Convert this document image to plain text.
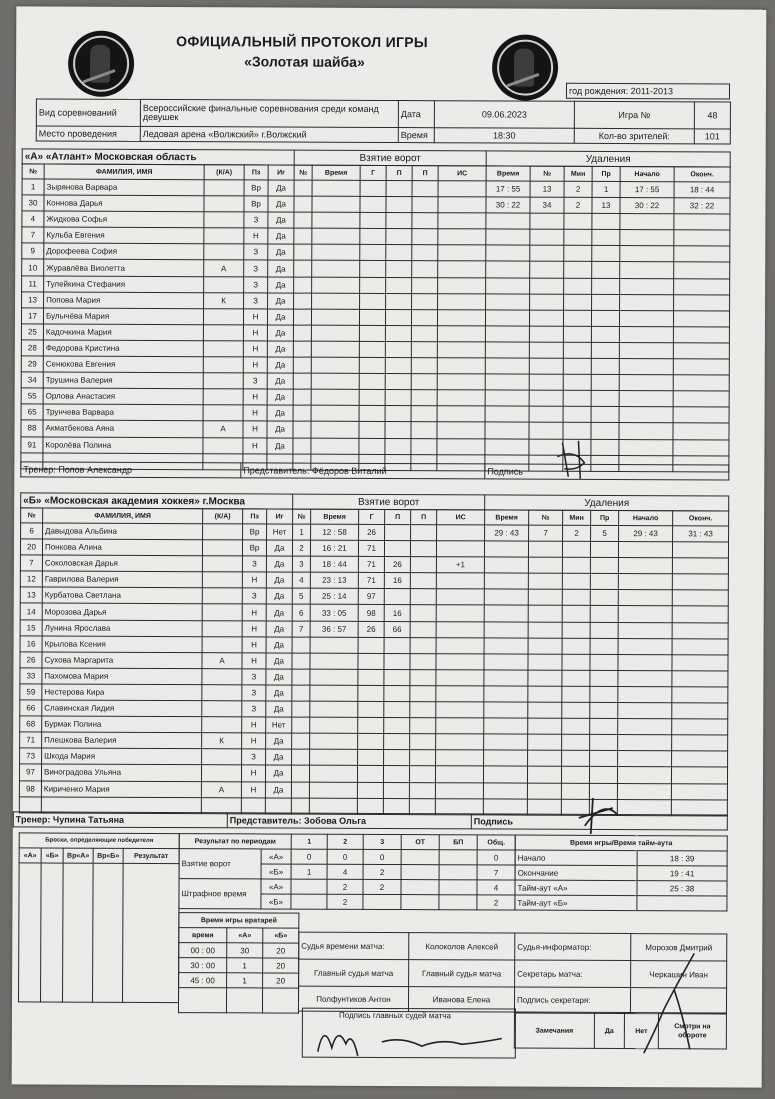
ОФИЦИАЛЬНЫЙ ПРОТОКОЛ ИГРЫ
«Золотая шайба»
год рождения: 2011-2013
Вид соревнований	Всероссийские финальные соревнования среди команд девушек	Дата	09.06.2023	Игра №	48
Место проведения	Ледовая арена «Волжский» г.Волжский	Время	18:30	Кол-во зрителей:	101
«А» «Атлант» Московская область	Взятие ворот	Удаления
№	ФАМИЛИЯ, ИМЯ	(К/А)	Пз	Иг	№	Время	Г	П	П	ИС	Время	№	Мин	Пр	Начало	Оконч.
1	Зырянова Варвара		Вр	Да							17 : 55	13	2	1	17 : 55	18 : 44
30	Коннова Дарья		Вр	Да							30 : 22	34	2	13	30 : 22	32 : 22
4	Жидкова Софья		З	Да												
7	Кульба Евгения		Н	Да												
9	Дорофеева София		З	Да												
10	Журавлёва Виолетта	А	З	Да												
11	Тулейкина Стефания		З	Да												
13	Попова Мария	К	З	Да												
17	Булычёва Мария		Н	Да												
25	Кадочкина Мария		Н	Да												
28	Федорова Кристина		Н	Да												
29	Сенюкова Евгения		Н	Да												
34	Трушина Валерия		З	Да												
55	Орлова Анастасия		Н	Да												
65	Трунчева Варвара		Н	Да												
88	Акматбекова Аяна	А	Н	Да												
91	Королёва Полина		Н	Да												

Тренер: Попов Александр	Представитель: Фёдоров Виталий	Подпись
«Б» «Московская академия хоккея» г.Москва	Взятие ворот	Удаления
№	ФАМИЛИЯ, ИМЯ	(К/А)	Пз	Иг	№	Время	Г	П	П	ИС	Время	№	Мин	Пр	Начало	Оконч.
6	Давыдова Альбина		Вр	Нет	1	12 : 58	26				29 : 43	7	2	5	29 : 43	31 : 43
20	Понкова Алина		Вр	Да	2	16 : 21	71									
7	Соколовская Дарья		З	Да	3	18 : 44	71	26		+1						
12	Гаврилова Валерия		Н	Да	4	23 : 13	71	16								
13	Курбатова Светлана		З	Да	5	25 : 14	97									
14	Морозова Дарья		Н	Да	6	33 : 05	98	16								
15	Лунина Ярослава		Н	Да	7	36 : 57	26	66								
16	Крылова Ксения		Н	Да												
26	Сухова Маргарита	А	Н	Да												
33	Пахомова Мария		З	Да												
59	Нестерова Кира		З	Да												
66	Славинская Лидия		З	Да												
68	Бурмак Полина		Н	Нет												
71	Плешкова Валерия	К	Н	Да												
73	Шкода Мария		З	Да												
97	Виноградова Ульяна		Н	Да												
98	Кириченко Мария	А	Н	Да												

Тренер: Чупина Татьяна	Представитель: Зобова Ольга	Подпись
Броски, определяющие победителя				
«А»	«Б»	Вр«А»	Вр«Б»	Результат

Результат по периодам		1	2	3	ОТ	БП	Общ.
Взятие ворот	«А»	0	0	0			0
	«Б»	1	4	2			7
Штрафное время	«А»		2	2			4
	«Б»		2				2
Время игры/Время тайм-аута	
Начало	18 : 39
Окончание	19 : 41
Тайм-аут «А»	25 : 38
Тайм-аут «Б»	
Время игры вратарей		
время	«А»	«Б»
00 : 00	30	20
30 : 00	1	20
45 : 00	1	20

Судья времени матча:	Колоколов Алексей	Судья-информатор:	Морозов Дмитрий
Главный судья матча	Главный судья матча	Секретарь матча:	Черкашин Иван
Полфунтиков Антон	Иванова Елена	Подпись секретаря:	
Подпись главных судей матча
Замечания	Да	Нет	Смотри на обороте
